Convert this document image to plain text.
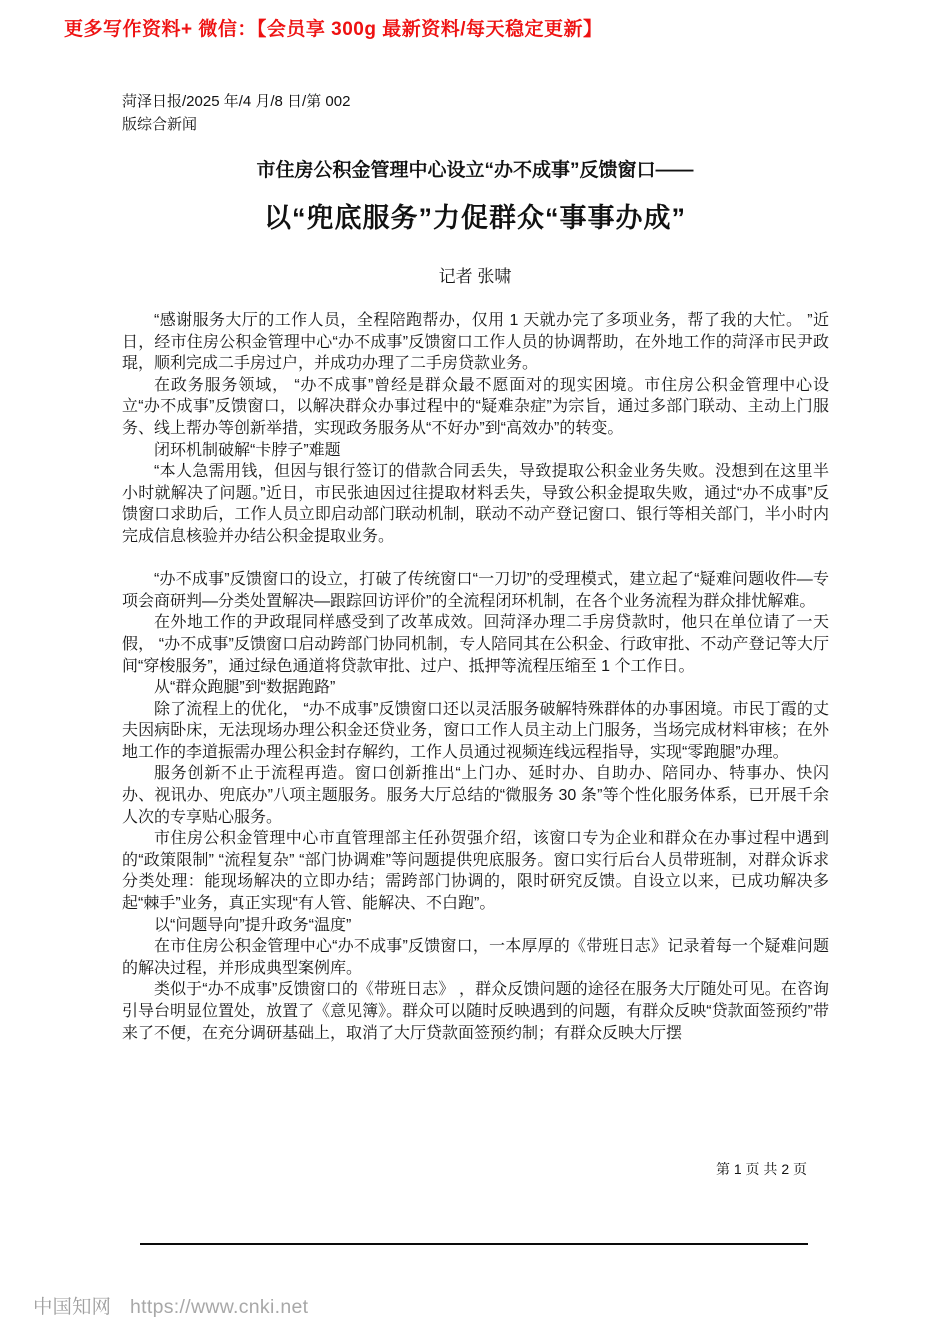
更多写作资料+ 微信：【会员享 300g 最新资料/每天稳定更新】
菏泽日报/2025 年/4 月/8 日/第 002
版综合新闻
市住房公积金管理中心设立“办不成事”反馈窗口——
以“兜底服务”力促群众“事事办成”
记者 张啸

“感谢服务大厅的工作人员，全程陪跑帮办，仅用 1 天就办完了多项业务，帮了我的大忙。 ”近日，经市住房公积金管理中心“办不成事”反馈窗口工作人员的协调帮助，在外地工作的菏泽市民尹政琨，顺利完成二手房过户，并成功办理了二手房贷款业务。

在政务服务领域， “办不成事”曾经是群众最不愿面对的现实困境。市住房公积金管理中心设立“办不成事”反馈窗口，以解决群众办事过程中的“疑难杂症”为宗旨，通过多部门联动、主动上门服务、线上帮办等创新举措，实现政务服务从“不好办”到“高效办”的转变。

闭环机制破解“卡脖子”难题

“本人急需用钱，但因与银行签订的借款合同丢失，导致提取公积金业务失败。没想到在这里半小时就解决了问题。”近日，市民张迪因过往提取材料丢失，导致公积金提取失败，通过“办不成事”反馈窗口求助后，工作人员立即启动部门联动机制，联动不动产登记窗口、银行等相关部门，半小时内完成信息核验并办结公积金提取业务。

“办不成事”反馈窗口的设立，打破了传统窗口“一刀切”的受理模式，建立起了“疑难问题收件—专项会商研判—分类处置解决—跟踪回访评价”的全流程闭环机制，在各个业务流程为群众排忧解难。

在外地工作的尹政琨同样感受到了改革成效。回菏泽办理二手房贷款时，他只在单位请了一天假， “办不成事”反馈窗口启动跨部门协同机制，专人陪同其在公积金、行政审批、不动产登记等大厅间“穿梭服务”，通过绿色通道将贷款审批、过户、抵押等流程压缩至 1 个工作日。

从“群众跑腿”到“数据跑路”

除了流程上的优化， “办不成事”反馈窗口还以灵活服务破解特殊群体的办事困境。市民丁霞的丈夫因病卧床，无法现场办理公积金还贷业务，窗口工作人员主动上门服务，当场完成材料审核；在外地工作的李道振需办理公积金封存解约，工作人员通过视频连线远程指导，实现“零跑腿”办理。

服务创新不止于流程再造。窗口创新推出“上门办、延时办、自助办、陪同办、特事办、快闪办、视讯办、兜底办”八项主题服务。服务大厅总结的“微服务 30 条”等个性化服务体系，已开展千余人次的专享贴心服务。

市住房公积金管理中心市直管理部主任孙贺强介绍，该窗口专为企业和群众在办事过程中遇到的“政策限制” “流程复杂” “部门协调难”等问题提供兜底服务。窗口实行后台人员带班制，对群众诉求分类处理：能现场解决的立即办结；需跨部门协调的，限时研究反馈。自设立以来，已成功解决多起“棘手”业务，真正实现“有人管、能解决、不白跑”。

以“问题导向”提升政务“温度”

在市住房公积金管理中心“办不成事”反馈窗口，一本厚厚的《带班日志》记录着每一个疑难问题的解决过程，并形成典型案例库。

类似于“办不成事”反馈窗口的《带班日志》 ，群众反馈问题的途径在服务大厅随处可见。在咨询引导台明显位置处，放置了《意见簿》。群众可以随时反映遇到的问题，有群众反映“贷款面签预约”带来了不便，在充分调研基础上，取消了大厅贷款面签预约制；有群众反映大厅摆

第 1 页 共 2 页
中国知网 https://www.cnki.net
